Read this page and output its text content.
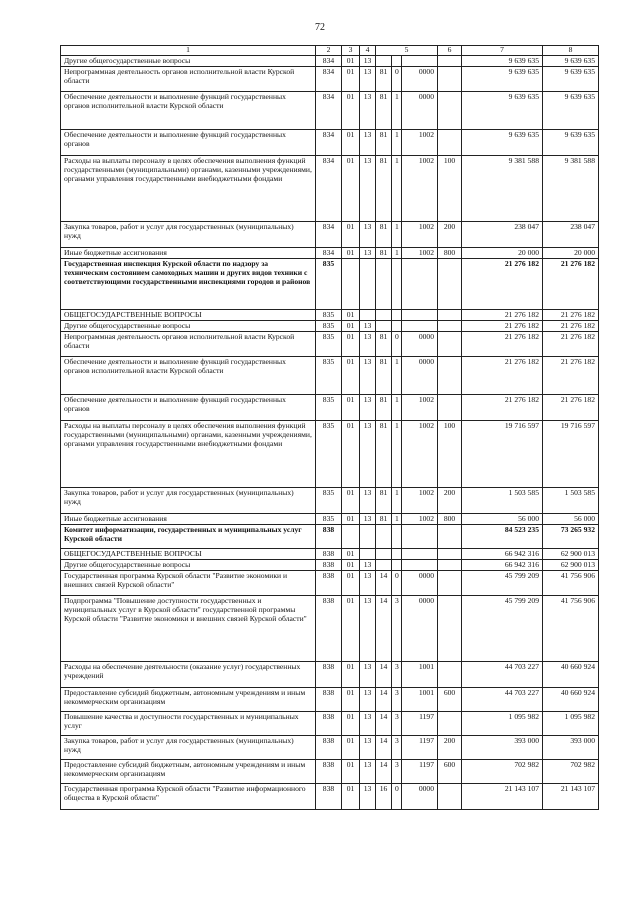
72
1	2	3	4	5			6	7	8
Другие общегосударственные вопросы	834	01	13					9 639 635	9 639 635
Непрограммная деятельность органов исполнительной власти Курской области	834	01	13	81	0	0000		9 639 635	9 639 635
Обеспечение деятельности и выполнение функций государственных органов исполнительной власти Курской области	834	01	13	81	1	0000		9 639 635	9 639 635
Обеспечение деятельности и выполнение функций государственных органов	834	01	13	81	1	1002		9 639 635	9 639 635
Расходы на выплаты персоналу в целях обеспечения выполнения функций государственными (муниципальными) органами, казенными учреждениями, органами управления государственными внебюджетными фондами	834	01	13	81	1	1002	100	9 381 588	9 381 588
Закупка товаров, работ и услуг для государственных (муниципальных) нужд	834	01	13	81	1	1002	200	238 047	238 047
Иные бюджетные ассигнования	834	01	13	81	1	1002	800	20 000	20 000
Государственная инспекция Курской области по надзору за техническим состоянием самоходных машин и других видов техники с соответствующими государственными инспекциями городов и районов	835							21 276 182	21 276 182
ОБЩЕГОСУДАРСТВЕННЫЕ ВОПРОСЫ	835	01						21 276 182	21 276 182
Другие общегосударственные вопросы	835	01	13					21 276 182	21 276 182
Непрограммная деятельность органов исполнительной власти Курской области	835	01	13	81	0	0000		21 276 182	21 276 182
Обеспечение деятельности и выполнение функций государственных органов исполнительной власти Курской области	835	01	13	81	1	0000		21 276 182	21 276 182
Обеспечение деятельности и выполнение функций государственных органов	835	01	13	81	1	1002		21 276 182	21 276 182
Расходы на выплаты персоналу в целях обеспечения выполнения функций государственными (муниципальными) органами, казенными учреждениями, органами управления государственными внебюджетными фондами	835	01	13	81	1	1002	100	19 716 597	19 716 597
Закупка товаров, работ и услуг для государственных (муниципальных) нужд	835	01	13	81	1	1002	200	1 503 585	1 503 585
Иные бюджетные ассигнования	835	01	13	81	1	1002	800	56 000	56 000
Комитет информатизации, государственных и муниципальных услуг Курской области	838							84 523 235	73 265 932
ОБЩЕГОСУДАРСТВЕННЫЕ ВОПРОСЫ	838	01						66 942 316	62 900 013
Другие общегосударственные вопросы	838	01	13					66 942 316	62 900 013
Государственная программа Курской области "Развитие экономики и внешних связей Курской области"	838	01	13	14	0	0000		45 799 209	41 756 906
Подпрограмма "Повышение доступности государственных и муниципальных услуг в Курской области" государственной программы Курской области "Развитие экономики и внешних связей Курской области"	838	01	13	14	3	0000		45 799 209	41 756 906
Расходы на обеспечение деятельности (оказание услуг) государственных учреждений	838	01	13	14	3	1001		44 703 227	40 660 924
Предоставление субсидий бюджетным, автономным учреждениям и иным некоммерческим организациям	838	01	13	14	3	1001	600	44 703 227	40 660 924
Повышение качества и доступности государственных и муниципальных услуг	838	01	13	14	3	1197		1 095 982	1 095 982
Закупка товаров, работ и услуг для государственных (муниципальных) нужд	838	01	13	14	3	1197	200	393 000	393 000
Предоставление субсидий бюджетным, автономным учреждениям и иным некоммерческим организациям	838	01	13	14	3	1197	600	702 982	702 982
Государственная программа Курской области "Развитие информационного общества в Курской области"	838	01	13	16	0	0000		21 143 107	21 143 107
